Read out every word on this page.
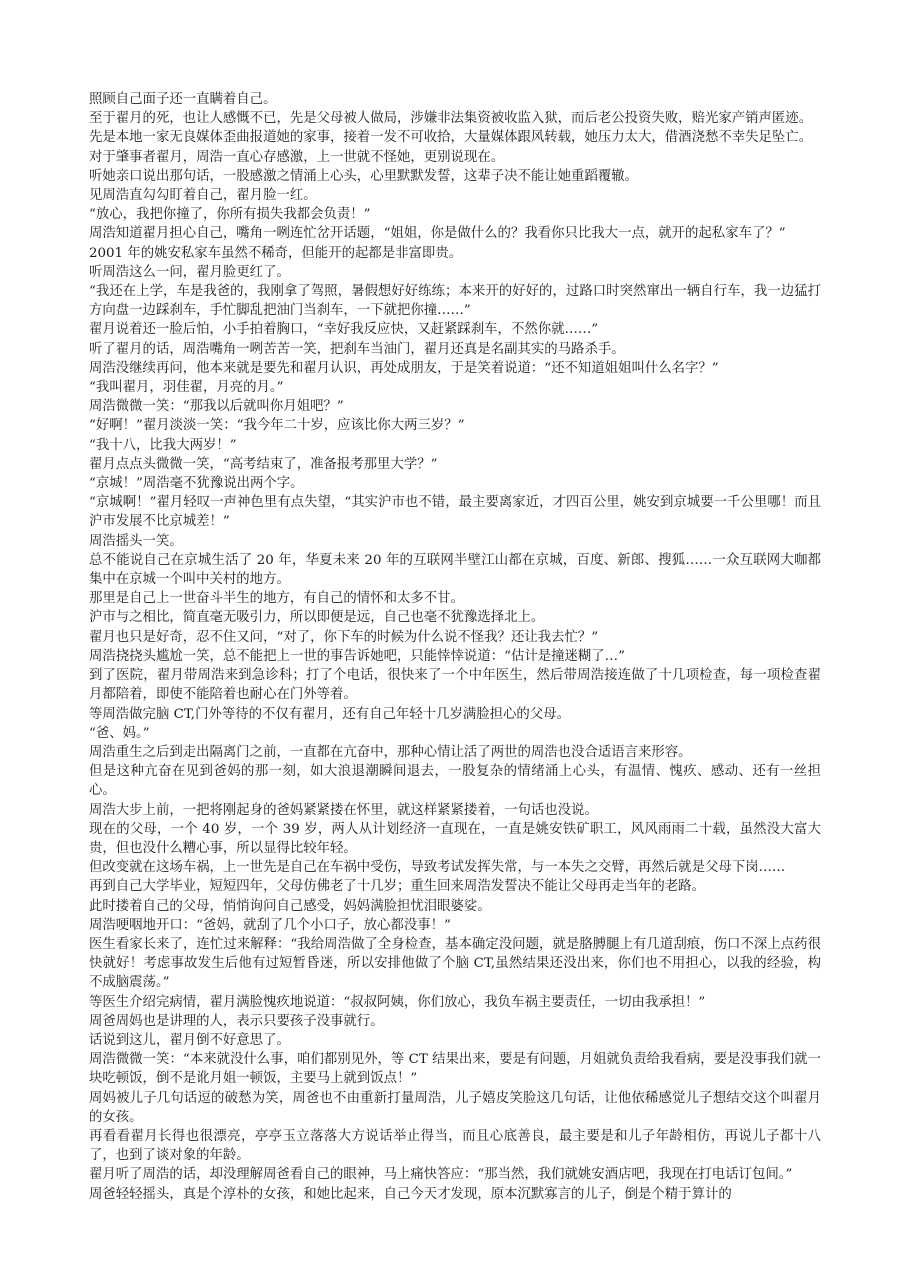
照顾自己面子还一直瞒着自己。

至于翟月的死，也让人感慨不已，先是父母被人做局，涉嫌非法集资被收监入狱，而后老公投资失败，赔光家产销声匿迹。

先是本地一家无良媒体歪曲报道她的家事，接着一发不可收拾，大量媒体跟风转载，她压力太大，借酒浇愁不幸失足坠亡。

对于肇事者翟月，周浩一直心存感激，上一世就不怪她，更别说现在。

听她亲口说出那句话，一股感激之情涌上心头，心里默默发誓，这辈子决不能让她重蹈覆辙。

见周浩直勾勾盯着自己，翟月脸一红。

“放心，我把你撞了，你所有损失我都会负责！”

周浩知道翟月担心自己，嘴角一咧连忙岔开话题，“姐姐，你是做什么的？我看你只比我大一点，就开的起私家车了？”

2001 年的姚安私家车虽然不稀奇，但能开的起都是非富即贵。

听周浩这么一问，翟月脸更红了。

“我还在上学，车是我爸的，我刚拿了驾照，暑假想好好练练；本来开的好好的，过路口时突然窜出一辆自行车，我一边猛打方向盘一边踩刹车，手忙脚乱把油门当刹车，一下就把你撞……”

翟月说着还一脸后怕，小手拍着胸口，“幸好我反应快，又赶紧踩刹车，不然你就……”

听了翟月的话，周浩嘴角一咧苦苦一笑，把刹车当油门，翟月还真是名副其实的马路杀手。

周浩没继续再问，他本来就是要先和翟月认识，再处成朋友，于是笑着说道：“还不知道姐姐叫什么名字？”

“我叫翟月，羽佳翟，月亮的月。”

周浩微微一笑：“那我以后就叫你月姐吧？”

“好啊！”翟月淡淡一笑：“我今年二十岁，应该比你大两三岁？”

“我十八，比我大两岁！”

翟月点点头微微一笑，“高考结束了，准备报考那里大学？”

“京城！”周浩毫不犹豫说出两个字。

“京城啊！”翟月轻叹一声神色里有点失望，“其实沪市也不错，最主要离家近，才四百公里，姚安到京城要一千公里哪！而且沪市发展不比京城差！”

周浩摇头一笑。

总不能说自己在京城生活了 20 年，华夏未来 20 年的互联网半壁江山都在京城，百度、新郎、搜狐……一众互联网大咖都集中在京城一个叫中关村的地方。

那里是自己上一世奋斗半生的地方，有自己的情怀和太多不甘。

沪市与之相比，简直毫无吸引力，所以即便是远，自己也毫不犹豫选择北上。

翟月也只是好奇，忍不住又问，“对了，你下车的时候为什么说不怪我？还让我去忙？”

周浩挠挠头尴尬一笑，总不能把上一世的事告诉她吧，只能悻悻说道：“估计是撞迷糊了…”

到了医院，翟月带周浩来到急诊科；打了个电话，很快来了一个中年医生，然后带周浩接连做了十几项检查，每一项检查翟月都陪着，即使不能陪着也耐心在门外等着。

等周浩做完脑 CT,门外等待的不仅有翟月，还有自己年轻十几岁满脸担心的父母。

“爸、妈。”

周浩重生之后到走出隔离门之前，一直都在亢奋中，那种心情让活了两世的周浩也没合适语言来形容。

但是这种亢奋在见到爸妈的那一刻，如大浪退潮瞬间退去，一股复杂的情绪涌上心头，有温情、愧疚、感动、还有一丝担心。

周浩大步上前，一把将刚起身的爸妈紧紧搂在怀里，就这样紧紧搂着，一句话也没说。

现在的父母，一个 40 岁，一个 39 岁，两人从计划经济一直现在，一直是姚安铁矿职工，风风雨雨二十载，虽然没大富大贵，但也没什么糟心事，所以显得比较年轻。

但改变就在这场车祸，上一世先是自己在车祸中受伤，导致考试发挥失常，与一本失之交臂，再然后就是父母下岗……

再到自己大学毕业，短短四年，父母仿佛老了十几岁；重生回来周浩发誓决不能让父母再走当年的老路。

此时搂着自己的父母，悄悄询问自己感受，妈妈满脸担忧泪眼婆娑。

周浩哽咽地开口：“爸妈，就刮了几个小口子，放心都没事！”

医生看家长来了，连忙过来解释：“我给周浩做了全身检查，基本确定没问题，就是胳膊腿上有几道刮痕，伤口不深上点药很快就好！考虑事故发生后他有过短暂昏迷，所以安排他做了个脑 CT,虽然结果还没出来，你们也不用担心，以我的经验，构不成脑震荡。”

等医生介绍完病情，翟月满脸愧疚地说道：“叔叔阿姨，你们放心，我负车祸主要责任，一切由我承担！”

周爸周妈也是讲理的人，表示只要孩子没事就行。

话说到这儿，翟月倒不好意思了。

周浩微微一笑：“本来就没什么事，咱们都别见外，等 CT 结果出来，要是有问题，月姐就负责给我看病，要是没事我们就一块吃顿饭，倒不是讹月姐一顿饭，主要马上就到饭点！”

周妈被儿子几句话逗的破愁为笑，周爸也不由重新打量周浩，儿子嬉皮笑脸这几句话，让他依稀感觉儿子想结交这个叫翟月的女孩。

再看看翟月长得也很漂亮，亭亭玉立落落大方说话举止得当，而且心底善良，最主要是和儿子年龄相仿，再说儿子都十八了，也到了谈对象的年龄。

翟月听了周浩的话，却没理解周爸看自己的眼神，马上痛快答应：“那当然，我们就姚安酒店吧，我现在打电话订包间。”

周爸轻轻摇头，真是个淳朴的女孩，和她比起来，自己今天才发现，原本沉默寡言的儿子，倒是个精于算计的
